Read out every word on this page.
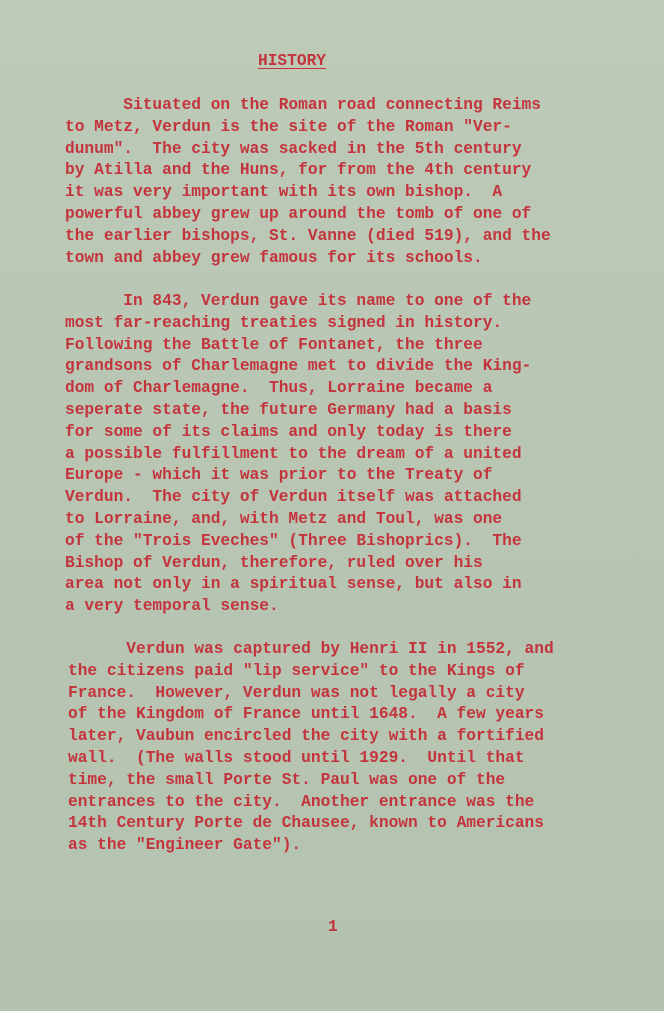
HISTORY
Situated on the Roman road connecting Reims
to Metz, Verdun is the site of the Roman "Ver-
dunum".  The city was sacked in the 5th century
by Atilla and the Huns, for from the 4th century
it was very important with its own bishop.  A
powerful abbey grew up around the tomb of one of
the earlier bishops, St. Vanne (died 519), and the
town and abbey grew famous for its schools.
In 843, Verdun gave its name to one of the
most far-reaching treaties signed in history.
Following the Battle of Fontanet, the three
grandsons of Charlemagne met to divide the King-
dom of Charlemagne.  Thus, Lorraine became a
seperate state, the future Germany had a basis
for some of its claims and only today is there
a possible fulfillment to the dream of a united
Europe - which it was prior to the Treaty of
Verdun.  The city of Verdun itself was attached
to Lorraine, and, with Metz and Toul, was one
of the "Trois Eveches" (Three Bishoprics).  The
Bishop of Verdun, therefore, ruled over his
area not only in a spiritual sense, but also in
a very temporal sense.
Verdun was captured by Henri II in 1552, and
the citizens paid "lip service" to the Kings of
France.  However, Verdun was not legally a city
of the Kingdom of France until 1648.  A few years
later, Vaubun encircled the city with a fortified
wall.  (The walls stood until 1929.  Until that
time, the small Porte St. Paul was one of the
entrances to the city.  Another entrance was the
14th Century Porte de Chausee, known to Americans
as the "Engineer Gate").
1
